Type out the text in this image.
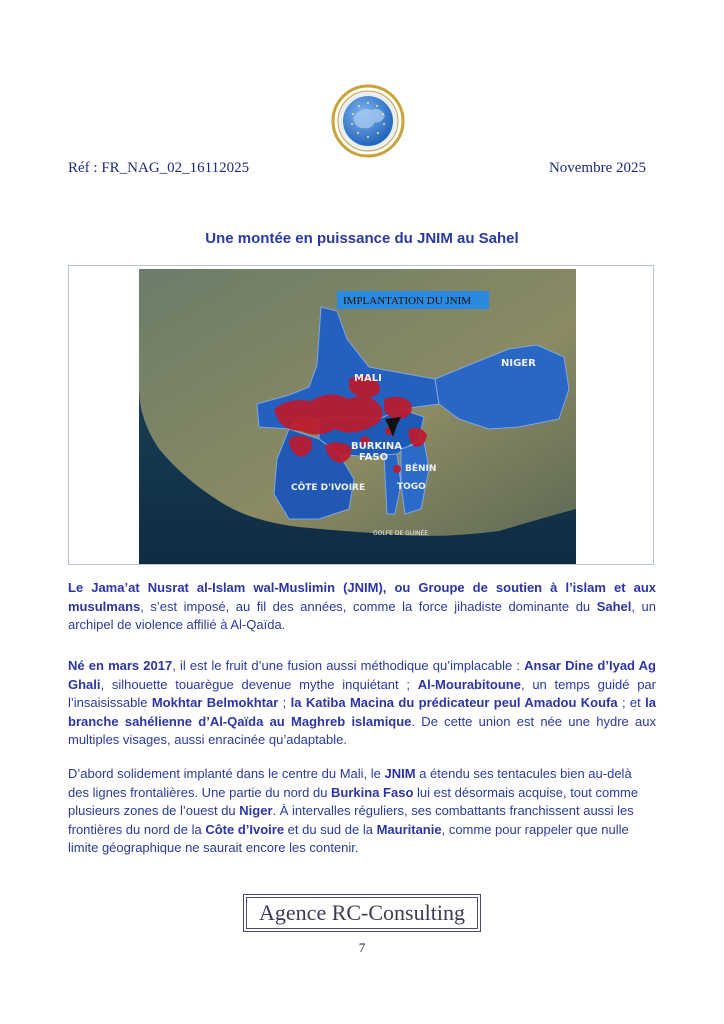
Réf : FR_NAG_02_16112025	Novembre 2025
Une montée en puissance du JNIM au Sahel
IMPLANTATION DU JNIM
MALI
NIGER
BURKINA
FASO
BÉNIN
TOGO
CÔTE D'IVOIRE
GOLFE DE GUINÉE

Le Jama’at Nusrat al-Islam wal-Muslimin (JNIM), ou Groupe de soutien à l’islam et aux musulmans, s’est imposé, au fil des années, comme la force jihadiste dominante du Sahel, un archipel de violence affilié à Al-Qaïda.

Né en mars 2017, il est le fruit d’une fusion aussi méthodique qu’implacable : Ansar Dine d’Iyad Ag Ghali, silhouette touarègue devenue mythe inquiétant ; Al-Mourabitoune, un temps guidé par l’insaisissable Mokhtar Belmokhtar ; la Katiba Macina du prédicateur peul Amadou Koufa ; et la branche sahélienne d’Al-Qaïda au Maghreb islamique. De cette union est née une hydre aux multiples visages, aussi enracinée qu’adaptable.

D’abord solidement implanté dans le centre du Mali, le JNIM a étendu ses tentacules bien au-delà des lignes frontalières. Une partie du nord du Burkina Faso lui est désormais acquise, tout comme plusieurs zones de l’ouest du Niger. À intervalles réguliers, ses combattants franchissent aussi les frontières du nord de la Côte d’Ivoire et du sud de la Mauritanie, comme pour rappeler que nulle limite géographique ne saurait encore les contenir.

Agence RC-Consulting
7
